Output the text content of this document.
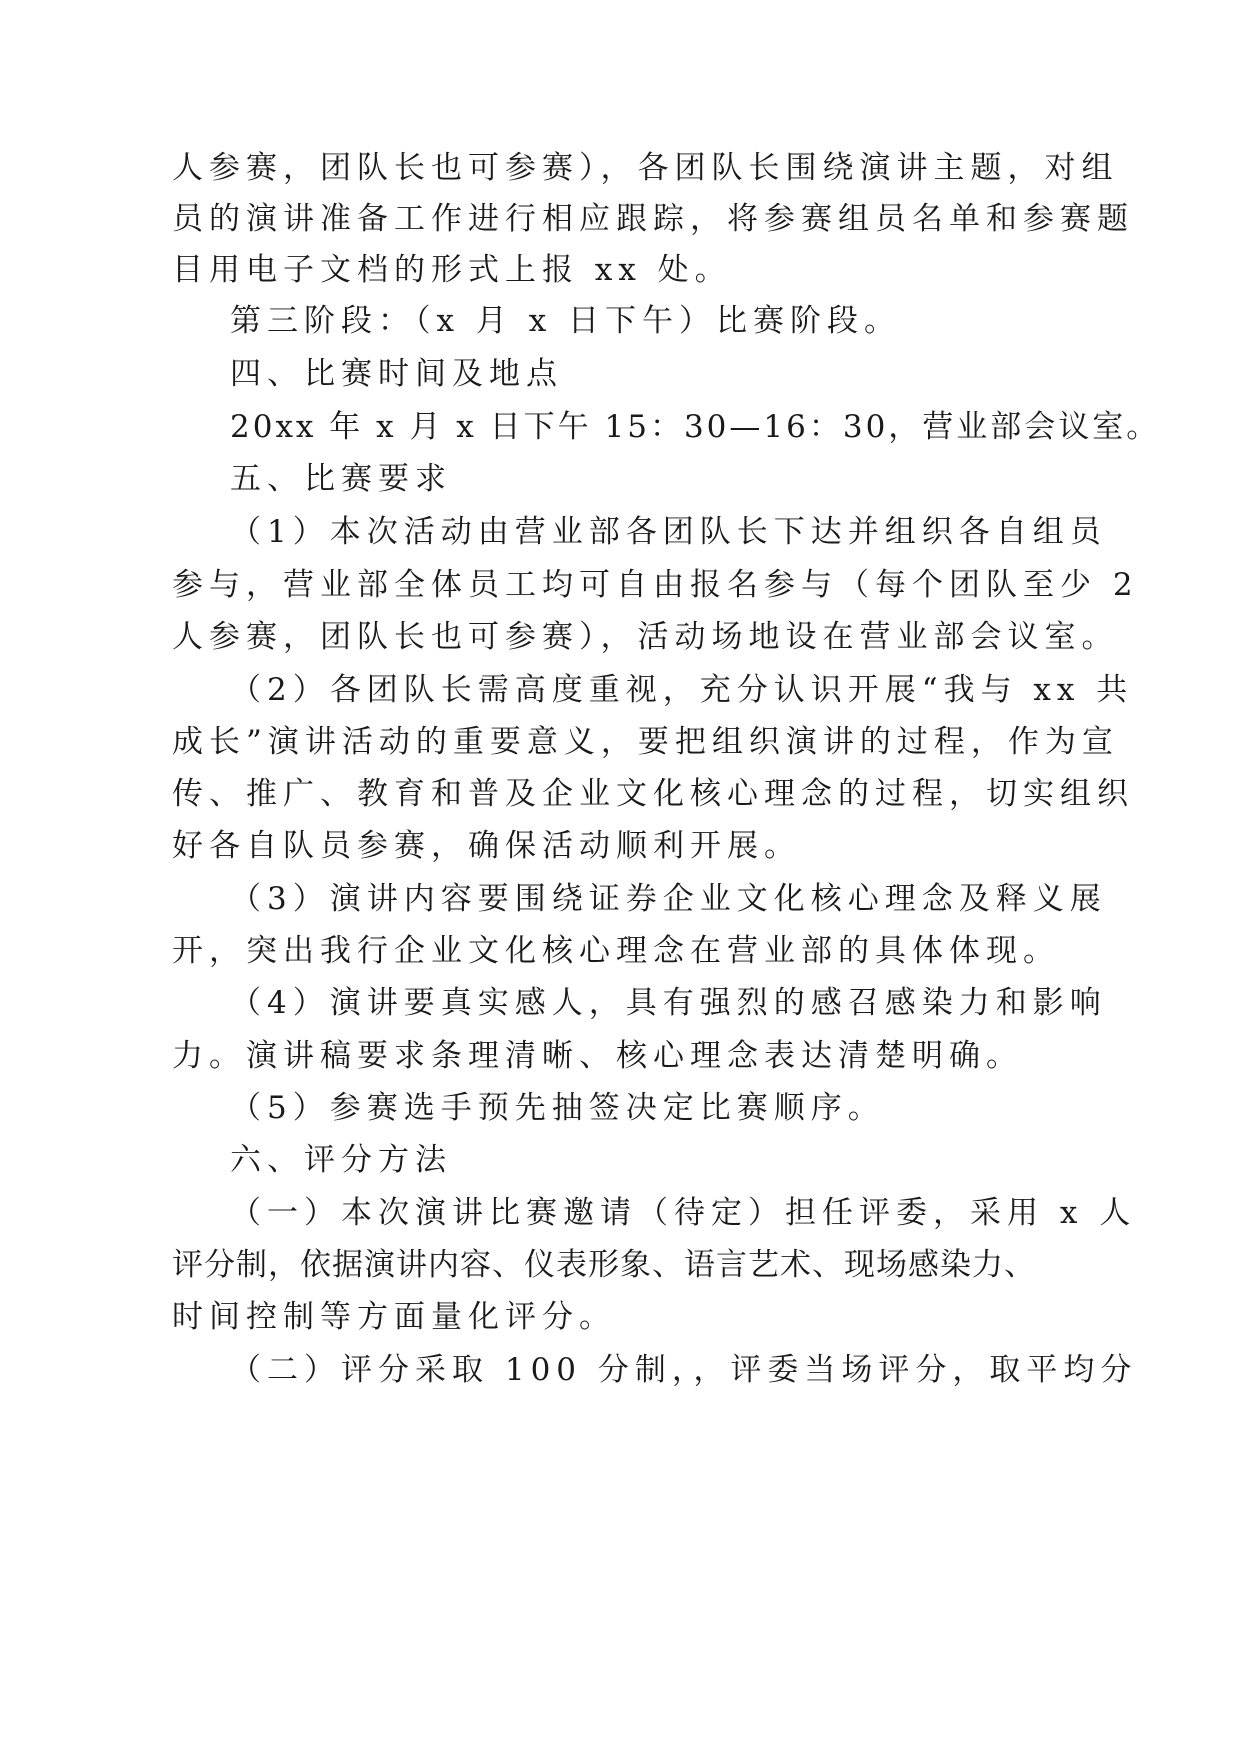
人参赛，团队长也可参赛），各团队长围绕演讲主题，对组

员的演讲准备工作进行相应跟踪，将参赛组员名单和参赛题

目用电子文档的形式上报 xx 处。

第三阶段：（x 月 x 日下午）比赛阶段。

四、比赛时间及地点

20xx 年 x 月 x 日下午 15：30—16：30，营业部会议室。

五、比赛要求

（1）本次活动由营业部各团队长下达并组织各自组员

参与，营业部全体员工均可自由报名参与（每个团队至少 2

人参赛，团队长也可参赛），活动场地设在营业部会议室。

（2）各团队长需高度重视，充分认识开展“我与 xx 共

成长”演讲活动的重要意义，要把组织演讲的过程，作为宣

传、推广、教育和普及企业文化核心理念的过程，切实组织

好各自队员参赛，确保活动顺利开展。

（3）演讲内容要围绕证券企业文化核心理念及释义展

开，突出我行企业文化核心理念在营业部的具体体现。

（4）演讲要真实感人，具有强烈的感召感染力和影响

力。演讲稿要求条理清晰、核心理念表达清楚明确。

（5）参赛选手预先抽签决定比赛顺序。

六、评分方法

（一）本次演讲比赛邀请（待定）担任评委，采用 x 人

评分制，依据演讲内容、仪表形象、语言艺术、现场感染力、

时间控制等方面量化评分。

（二）评分采取 100 分制，，评委当场评分，取平均分
